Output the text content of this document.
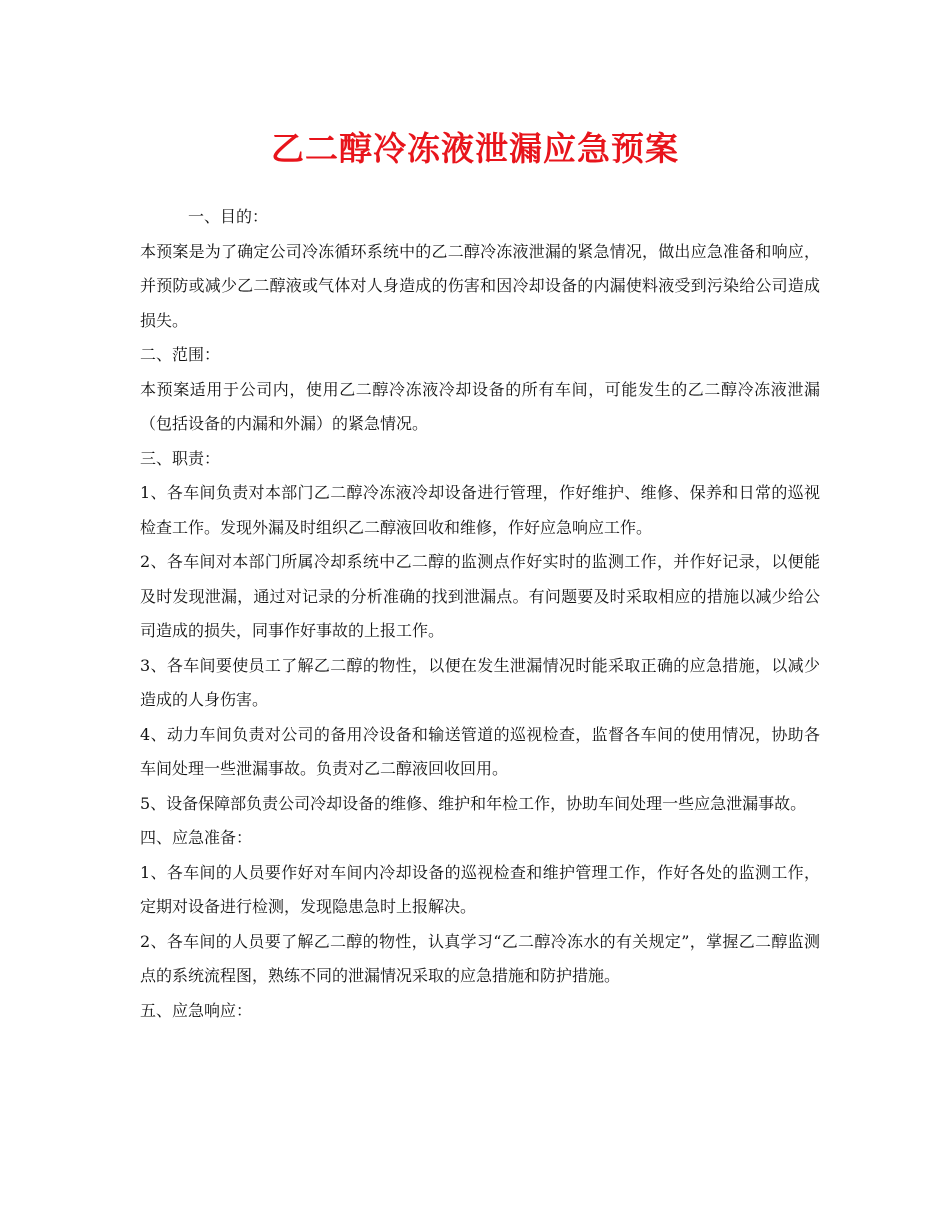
乙二醇冷冻液泄漏应急预案

一、目的：

本预案是为了确定公司冷冻循环系统中的乙二醇冷冻液泄漏的紧急情况，做出应急准备和响应，并预防或减少乙二醇液或气体对人身造成的伤害和因冷却设备的内漏使料液受到污染给公司造成损失。

二、范围：

本预案适用于公司内，使用乙二醇冷冻液冷却设备的所有车间，可能发生的乙二醇冷冻液泄漏（包括设备的内漏和外漏）的紧急情况。

三、职责：

1、各车间负责对本部门乙二醇冷冻液冷却设备进行管理，作好维护、维修、保养和日常的巡视检查工作。发现外漏及时组织乙二醇液回收和维修，作好应急响应工作。

2、各车间对本部门所属冷却系统中乙二醇的监测点作好实时的监测工作，并作好记录，以便能及时发现泄漏，通过对记录的分析准确的找到泄漏点。有问题要及时采取相应的措施以减少给公司造成的损失，同事作好事故的上报工作。

3、各车间要使员工了解乙二醇的物性，以便在发生泄漏情况时能采取正确的应急措施，以减少造成的人身伤害。

4、动力车间负责对公司的备用冷设备和输送管道的巡视检查，监督各车间的使用情况，协助各车间处理一些泄漏事故。负责对乙二醇液回收回用。

5、设备保障部负责公司冷却设备的维修、维护和年检工作，协助车间处理一些应急泄漏事故。

四、应急准备：

1、各车间的人员要作好对车间内冷却设备的巡视检查和维护管理工作，作好各处的监测工作，定期对设备进行检测，发现隐患急时上报解决。

2、各车间的人员要了解乙二醇的物性，认真学习“乙二醇冷冻水的有关规定”，掌握乙二醇监测点的系统流程图，熟练不同的泄漏情况采取的应急措施和防护措施。

五、应急响应：
